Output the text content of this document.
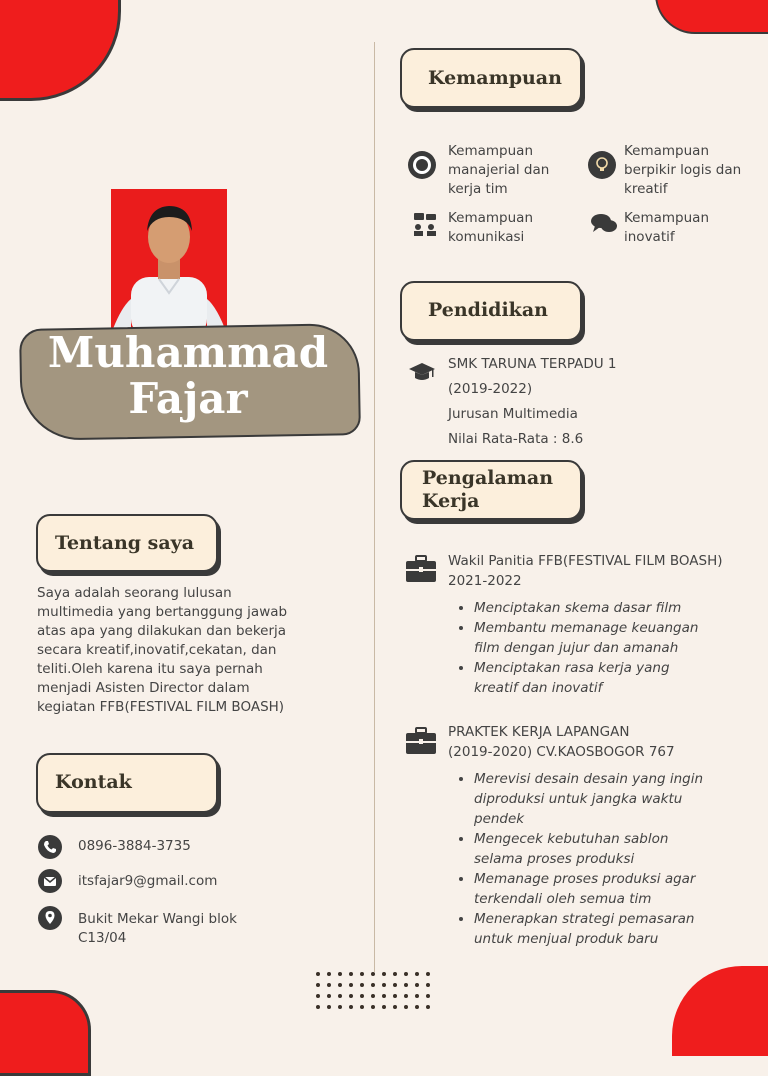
Muhammad
Fajar
Tentang saya
Saya adalah seorang lulusan
multimedia yang bertanggung jawab
atas apa yang dilakukan dan bekerja
secara kreatif,inovatif,cekatan, dan
teliti.Oleh karena itu saya pernah
menjadi Asisten Director dalam
kegiatan FFB(FESTIVAL FILM BOASH)
Kontak
0896-3884-3735
itsfajar9@gmail.com
Bukit Mekar Wangi blok
C13/04
Kemampuan
Kemampuan
manajerial dan
kerja tim
Kemampuan
berpikir logis dan
kreatif
Kemampuan
komunikasi
Kemampuan
inovatif
Pendidikan
SMK TARUNA TERPADU 1
(2019-2022)
Jurusan Multimedia
Nilai Rata-Rata : 8.6
Pengalaman
Kerja
Wakil Panitia FFB(FESTIVAL FILM BOASH)
2021-2022
• Menciptakan skema dasar film
• Membantu memanage keuangan film dengan jujur dan amanah
• Menciptakan rasa kerja yang kreatif dan inovatif
PRAKTEK KERJA LAPANGAN
(2019-2020) CV.KAOSBOGOR 767
• Merevisi desain desain yang ingin diproduksi untuk jangka waktu pendek
• Mengecek kebutuhan sablon selama proses produksi
• Memanage proses produksi agar terkendali oleh semua tim
• Menerapkan strategi pemasaran untuk menjual produk baru
